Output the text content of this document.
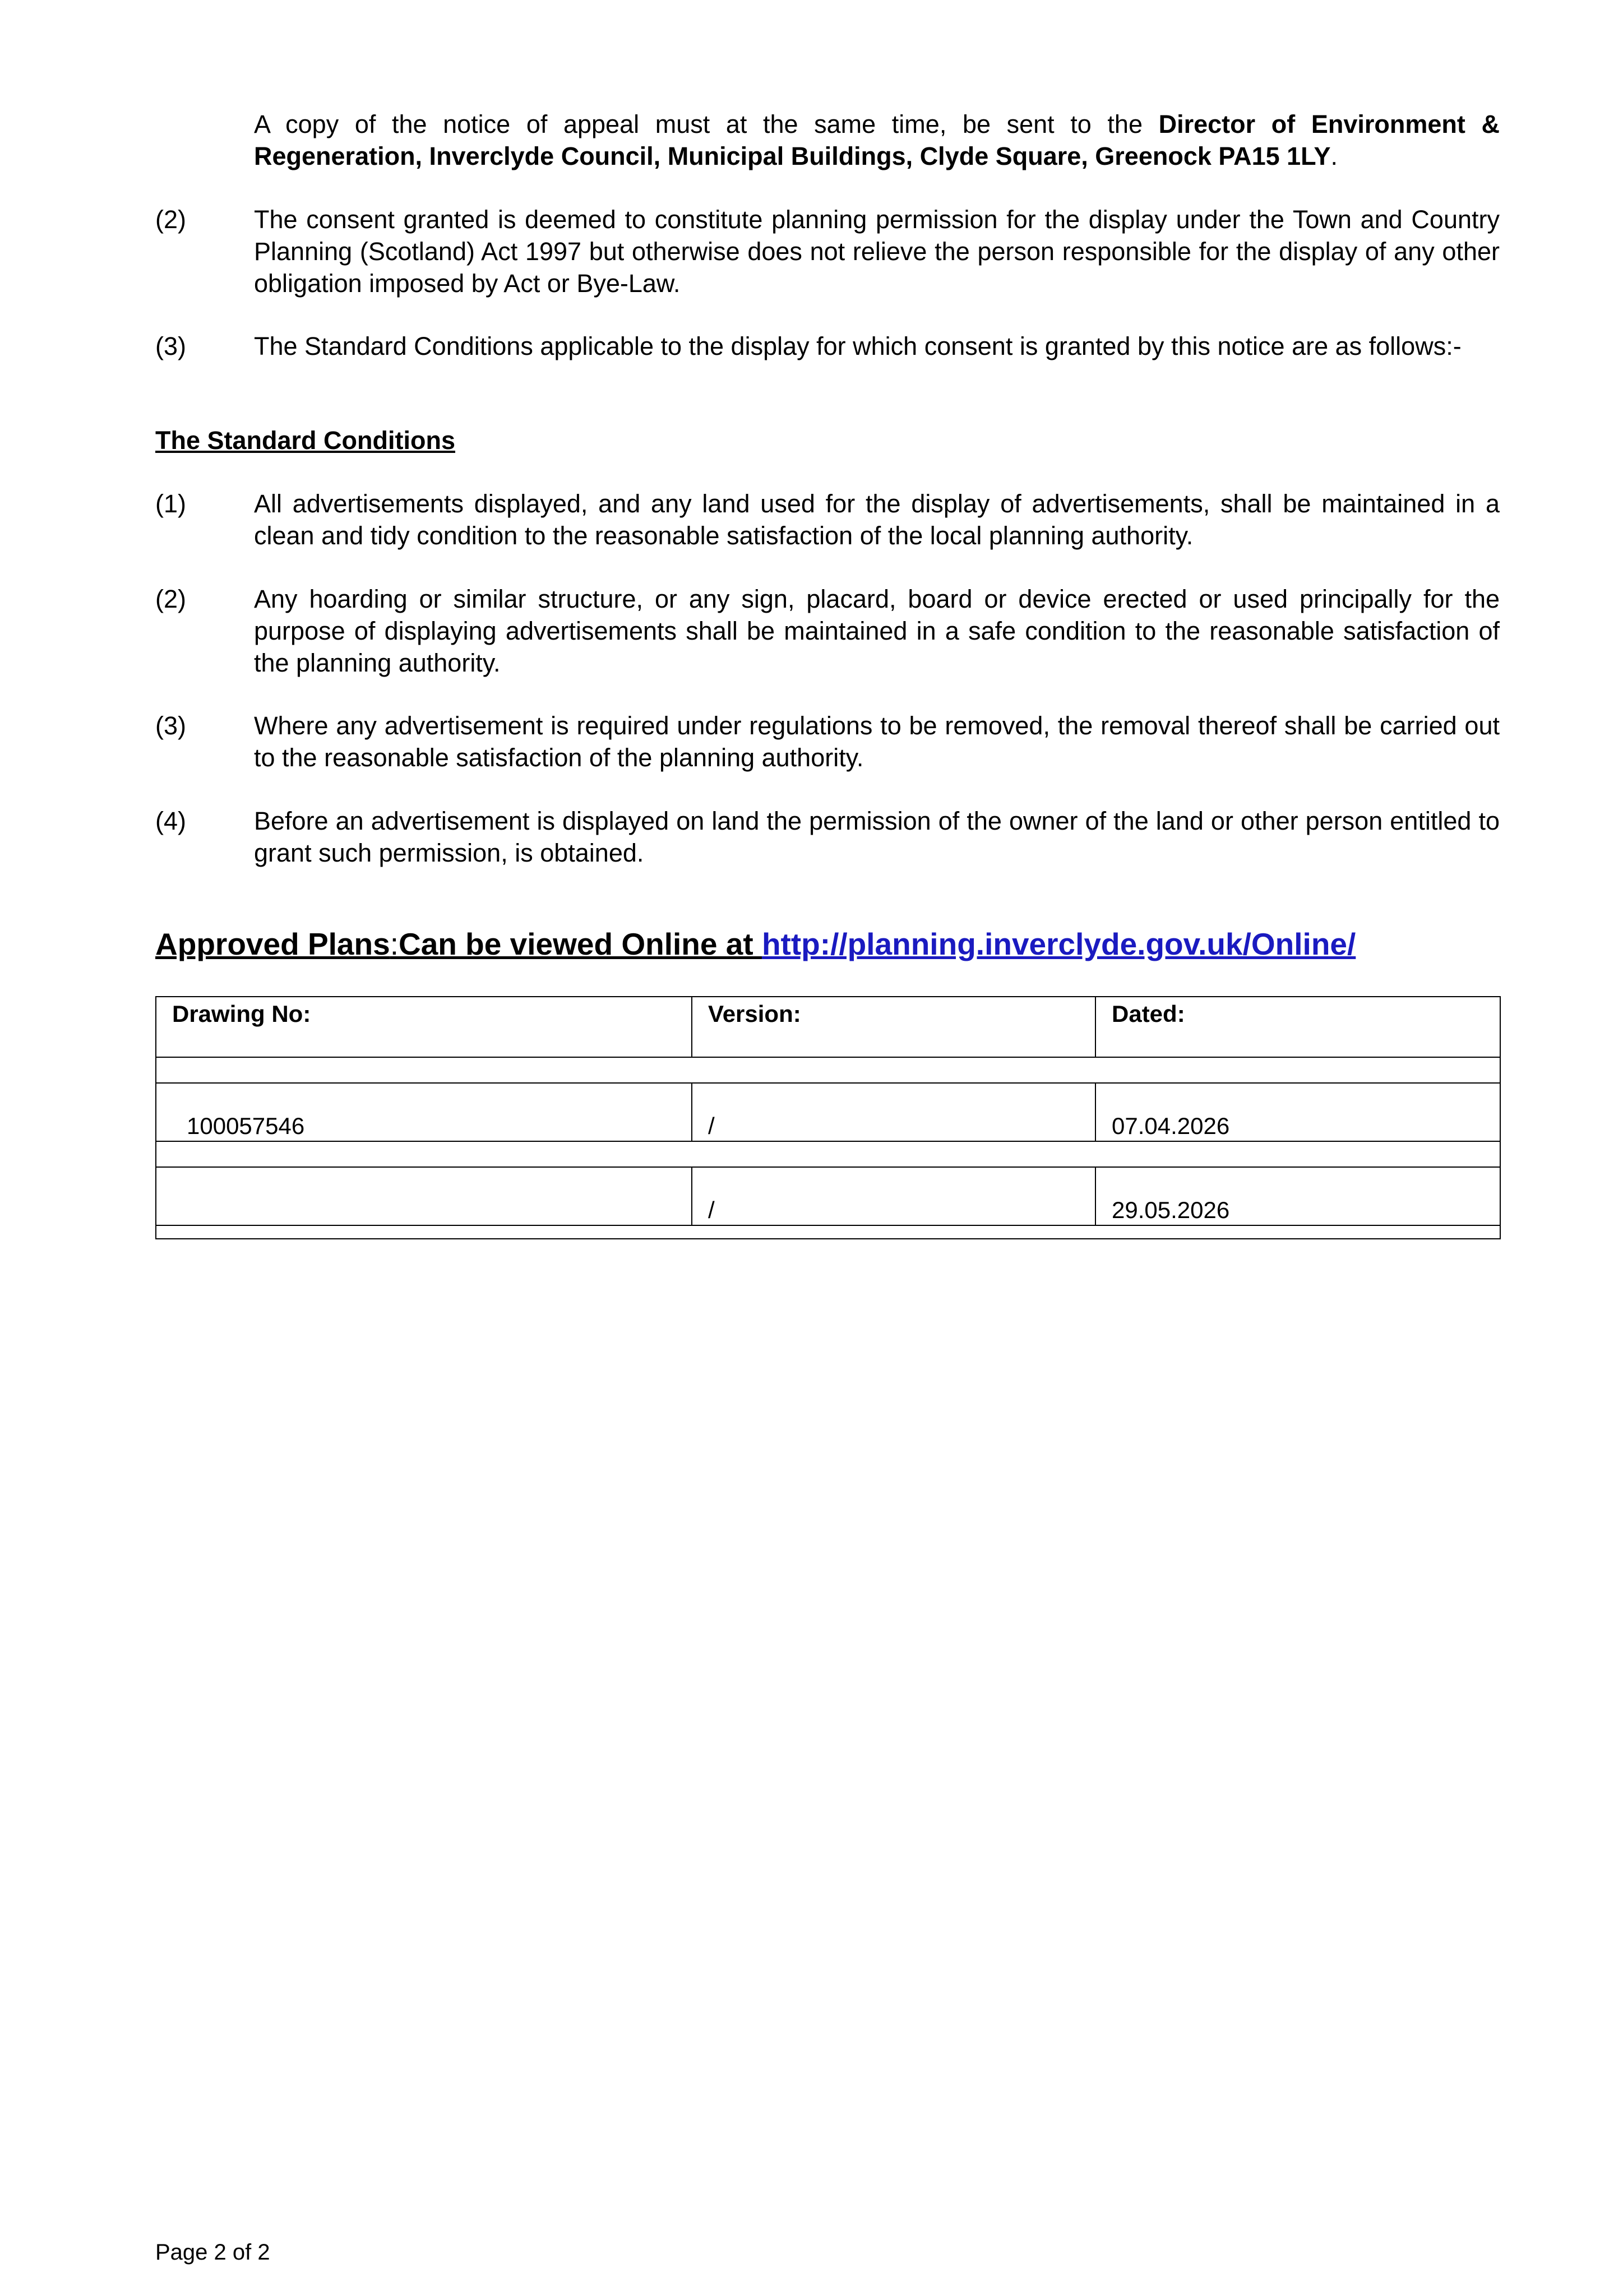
A copy of the notice of appeal must at the same time, be sent to the Director of Environment & Regeneration, Inverclyde Council, Municipal Buildings, Clyde Square, Greenock PA15 1LY.
(2)	The consent granted is deemed to constitute planning permission for the display under the Town and Country Planning (Scotland) Act 1997 but otherwise does not relieve the person responsible for the display of any other obligation imposed by Act or Bye-Law.
(3)	The Standard Conditions applicable to the display for which consent is granted by this notice are as follows:-
The Standard Conditions
(1)	All advertisements displayed, and any land used for the display of advertisements, shall be maintained in a clean and tidy condition to the reasonable satisfaction of the local planning authority.
(2)	Any hoarding or similar structure, or any sign, placard, board or device erected or used principally for the purpose of displaying advertisements shall be maintained in a safe condition to the reasonable satisfaction of the planning authority.
(3)	Where any advertisement is required under regulations to be removed, the removal thereof shall be carried out to the reasonable satisfaction of the planning authority.
(4)	Before an advertisement is displayed on land the permission of the owner of the land or other person entitled to grant such permission, is obtained.
Approved Plans:Can be viewed Online at http://planning.inverclyde.gov.uk/Online/
Drawing No:	Version:	Dated:

100057546	/	07.04.2026

	/	29.05.2026

Page 2 of 2
